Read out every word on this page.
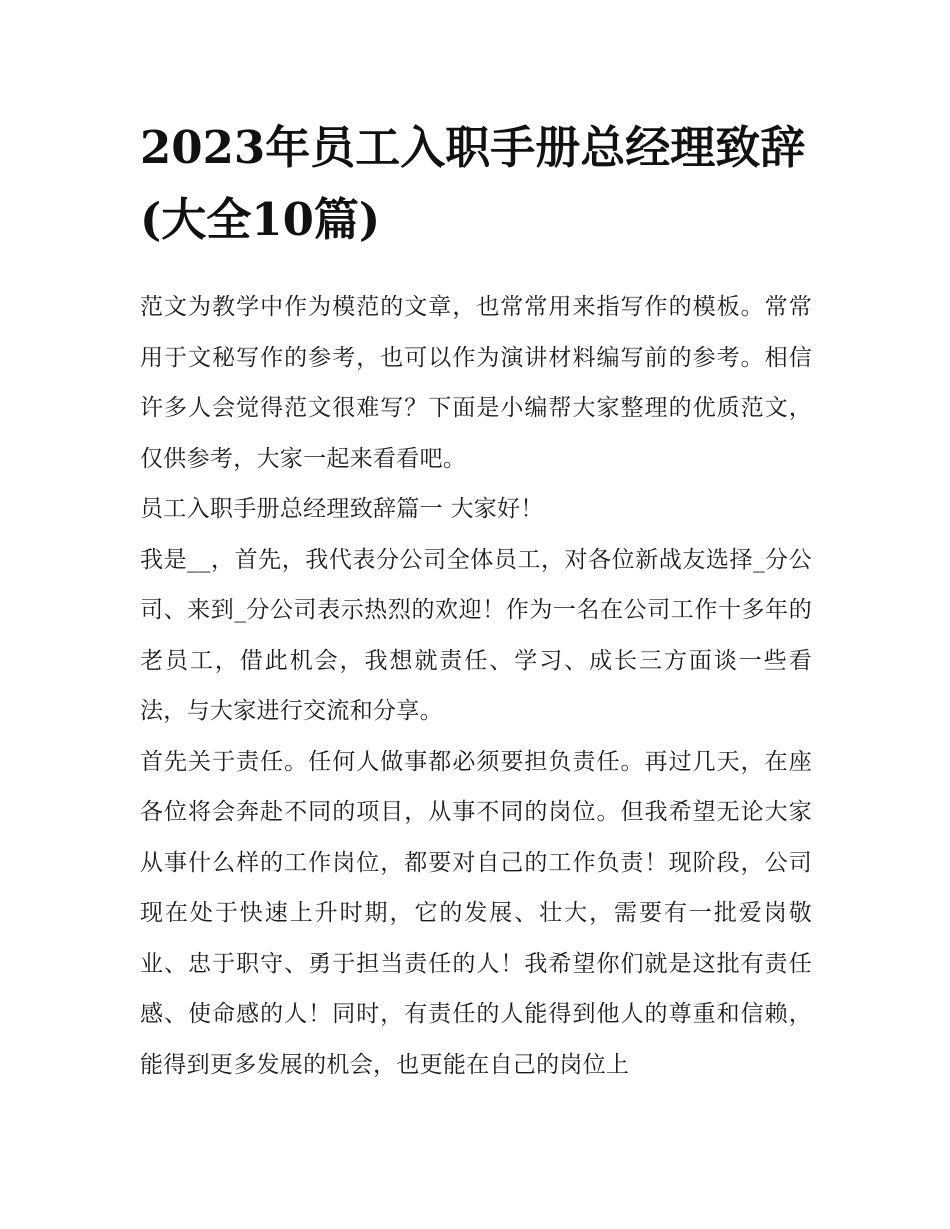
2023年员工入职手册总经理致辞(大全10篇)

范文为教学中作为模范的文章，也常常用来指写作的模板。常常用于文秘写作的参考，也可以作为演讲材料编写前的参考。相信许多人会觉得范文很难写？下面是小编帮大家整理的优质范文，仅供参考，大家一起来看看吧。

员工入职手册总经理致辞篇一 大家好！

我是__，首先，我代表分公司全体员工，对各位新战友选择_分公司、来到_分公司表示热烈的欢迎！作为一名在公司工作十多年的老员工，借此机会，我想就责任、学习、成长三方面谈一些看法，与大家进行交流和分享。

首先关于责任。任何人做事都必须要担负责任。再过几天，在座各位将会奔赴不同的项目，从事不同的岗位。但我希望无论大家从事什么样的工作岗位，都要对自己的工作负责！现阶段，公司现在处于快速上升时期，它的发展、壮大，需要有一批爱岗敬业、忠于职守、勇于担当责任的人！我希望你们就是这批有责任感、使命感的人！同时，有责任的人能得到他人的尊重和信赖，能得到更多发展的机会，也更能在自己的岗位上
